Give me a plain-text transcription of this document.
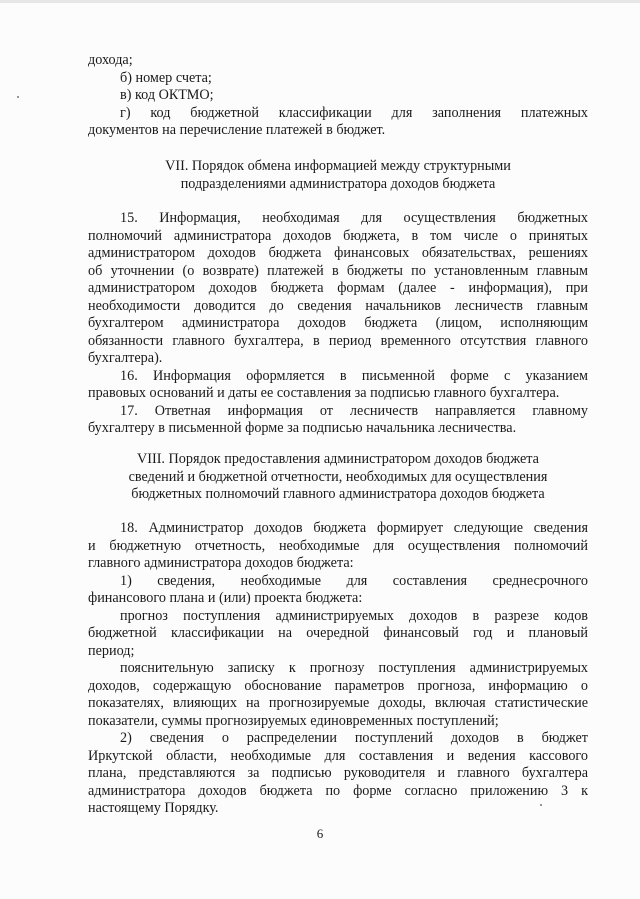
дохода;
б) номер счета;
в) код ОКТМО;
г) код бюджетной классификации для заполнения платежных
документов на перечисление платежей в бюджет.
VII. Порядок обмена информацией между структурными
подразделениями администратора доходов бюджета
15. Информация, необходимая для осуществления бюджетных
полномочий администратора доходов бюджета, в том числе о принятых
администратором доходов бюджета финансовых обязательствах, решениях
об уточнении (о возврате) платежей в бюджеты по установленным главным
администратором доходов бюджета формам (далее - информация), при
необходимости доводится до сведения начальников лесничеств главным
бухгалтером администратора доходов бюджета (лицом, исполняющим
обязанности главного бухгалтера, в период временного отсутствия главного
бухгалтера).
16. Информация оформляется в письменной форме с указанием
правовых оснований и даты ее составления за подписью главного бухгалтера.
17. Ответная информация от лесничеств направляется главному
бухгалтеру в письменной форме за подписью начальника лесничества.
VIII. Порядок предоставления администратором доходов бюджета
сведений и бюджетной отчетности, необходимых для осуществления
бюджетных полномочий главного администратора доходов бюджета
18. Администратор доходов бюджета формирует следующие сведения
и бюджетную отчетность, необходимые для осуществления полномочий
главного администратора доходов бюджета:
1) сведения, необходимые для составления среднесрочного
финансового плана и (или) проекта бюджета:
прогноз поступления администрируемых доходов в разрезе кодов
бюджетной классификации на очередной финансовый год и плановый
период;
пояснительную записку к прогнозу поступления администрируемых
доходов, содержащую обоснование параметров прогноза, информацию о
показателях, влияющих на прогнозируемые доходы, включая статистические
показатели, суммы прогнозируемых единовременных поступлений;
2) сведения о распределении поступлений доходов в бюджет
Иркутской области, необходимые для составления и ведения кассового
плана, представляются за подписью руководителя и главного бухгалтера
администратора доходов бюджета по форме согласно приложению 3 к
настоящему Порядку.
6
